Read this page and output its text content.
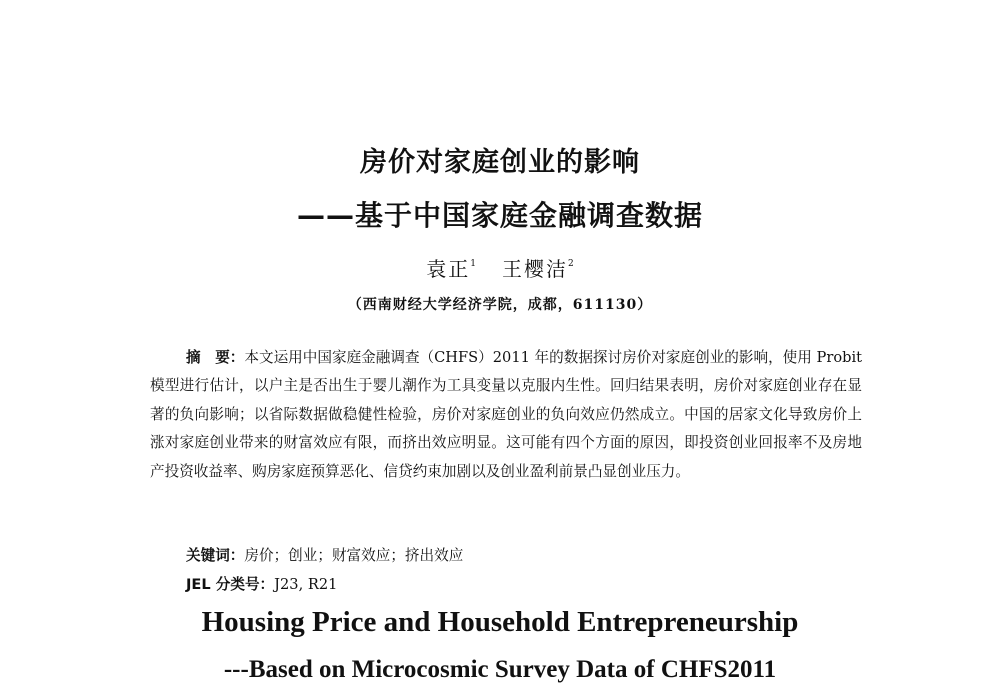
房价对家庭创业的影响
——基于中国家庭金融调查数据
袁正$^1$ 王樱洁$^2$
（西南财经大学经济学院，成都，611130）

摘　要：本文运用中国家庭金融调查（CHFS）2011 年的数据探讨房价对家庭创业的影响，使用 Probit 模型进行估计，以户主是否出生于婴儿潮作为工具变量以克服内生性。回归结果表明，房价对家庭创业存在显著的负向影响；以省际数据做稳健性检验，房价对家庭创业的负向效应仍然成立。中国的居家文化导致房价上涨对家庭创业带来的财富效应有限，而挤出效应明显。这可能有四个方面的原因，即投资创业回报率不及房地产投资收益率、购房家庭预算恶化、信贷约束加剧以及创业盈利前景凸显创业压力。

关键词：房价；创业；财富效应；挤出效应
JEL 分类号：J23, R21
Housing Price and Household Entrepreneurship
---Based on Microcosmic Survey Data of CHFS2011
